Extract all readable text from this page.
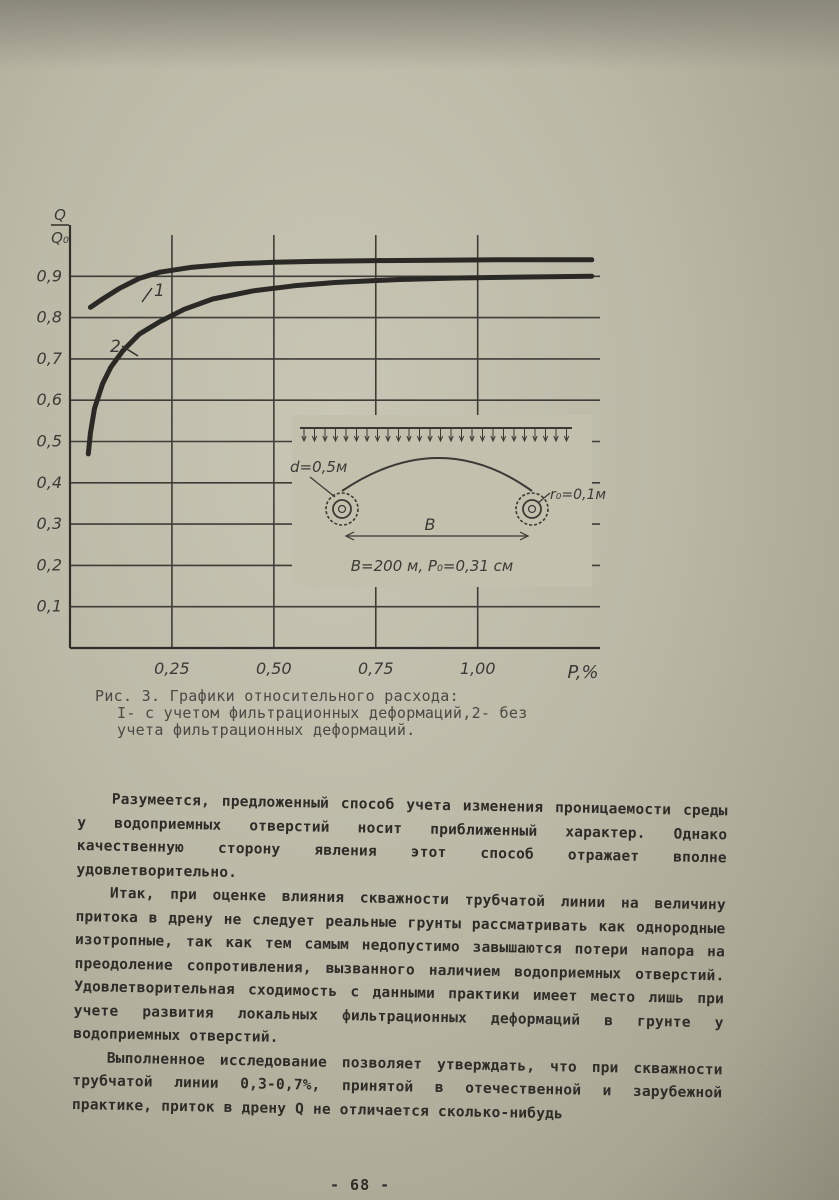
d=0,5м
r₀=0,1м
B
B=200 м, P₀=0,31 см
1
2
0,1
0,2
0,3
0,4
0,5
0,6
0,7
0,8
0,9
0,25	0,50	0,75	1,00
Q
Q₀
P,%
Рис. 3. Графики относительного расхода:
I- с учетом фильтрационных деформаций,2- без
учета фильтрационных деформаций.

Разумеется, предложенный способ учета изменения проницаемости среды у водоприемных отверстий носит приближенный характер. Однако качественную сторону явления этот способ отражает вполне удовлетворительно.

Итак, при оценке влияния скважности трубчатой линии на величину притока в дрену не следует реальные грунты рассматривать как однородные изотропные, так как тем самым недопустимо завышаются потери напора на преодоление сопротивления, вызванного наличием водоприемных отверстий. Удовлетворительная сходимость с данными практики имеет место лишь при учете развития локальных фильтрационных деформаций в грунте у водоприемных отверстий.

Выполненное исследование позволяет утверждать, что при скважности трубчатой линии 0,3-0,7%, принятой в отечественной и зарубежной практике, приток в дрену Q не отличается сколько-нибудь

- 68 -
